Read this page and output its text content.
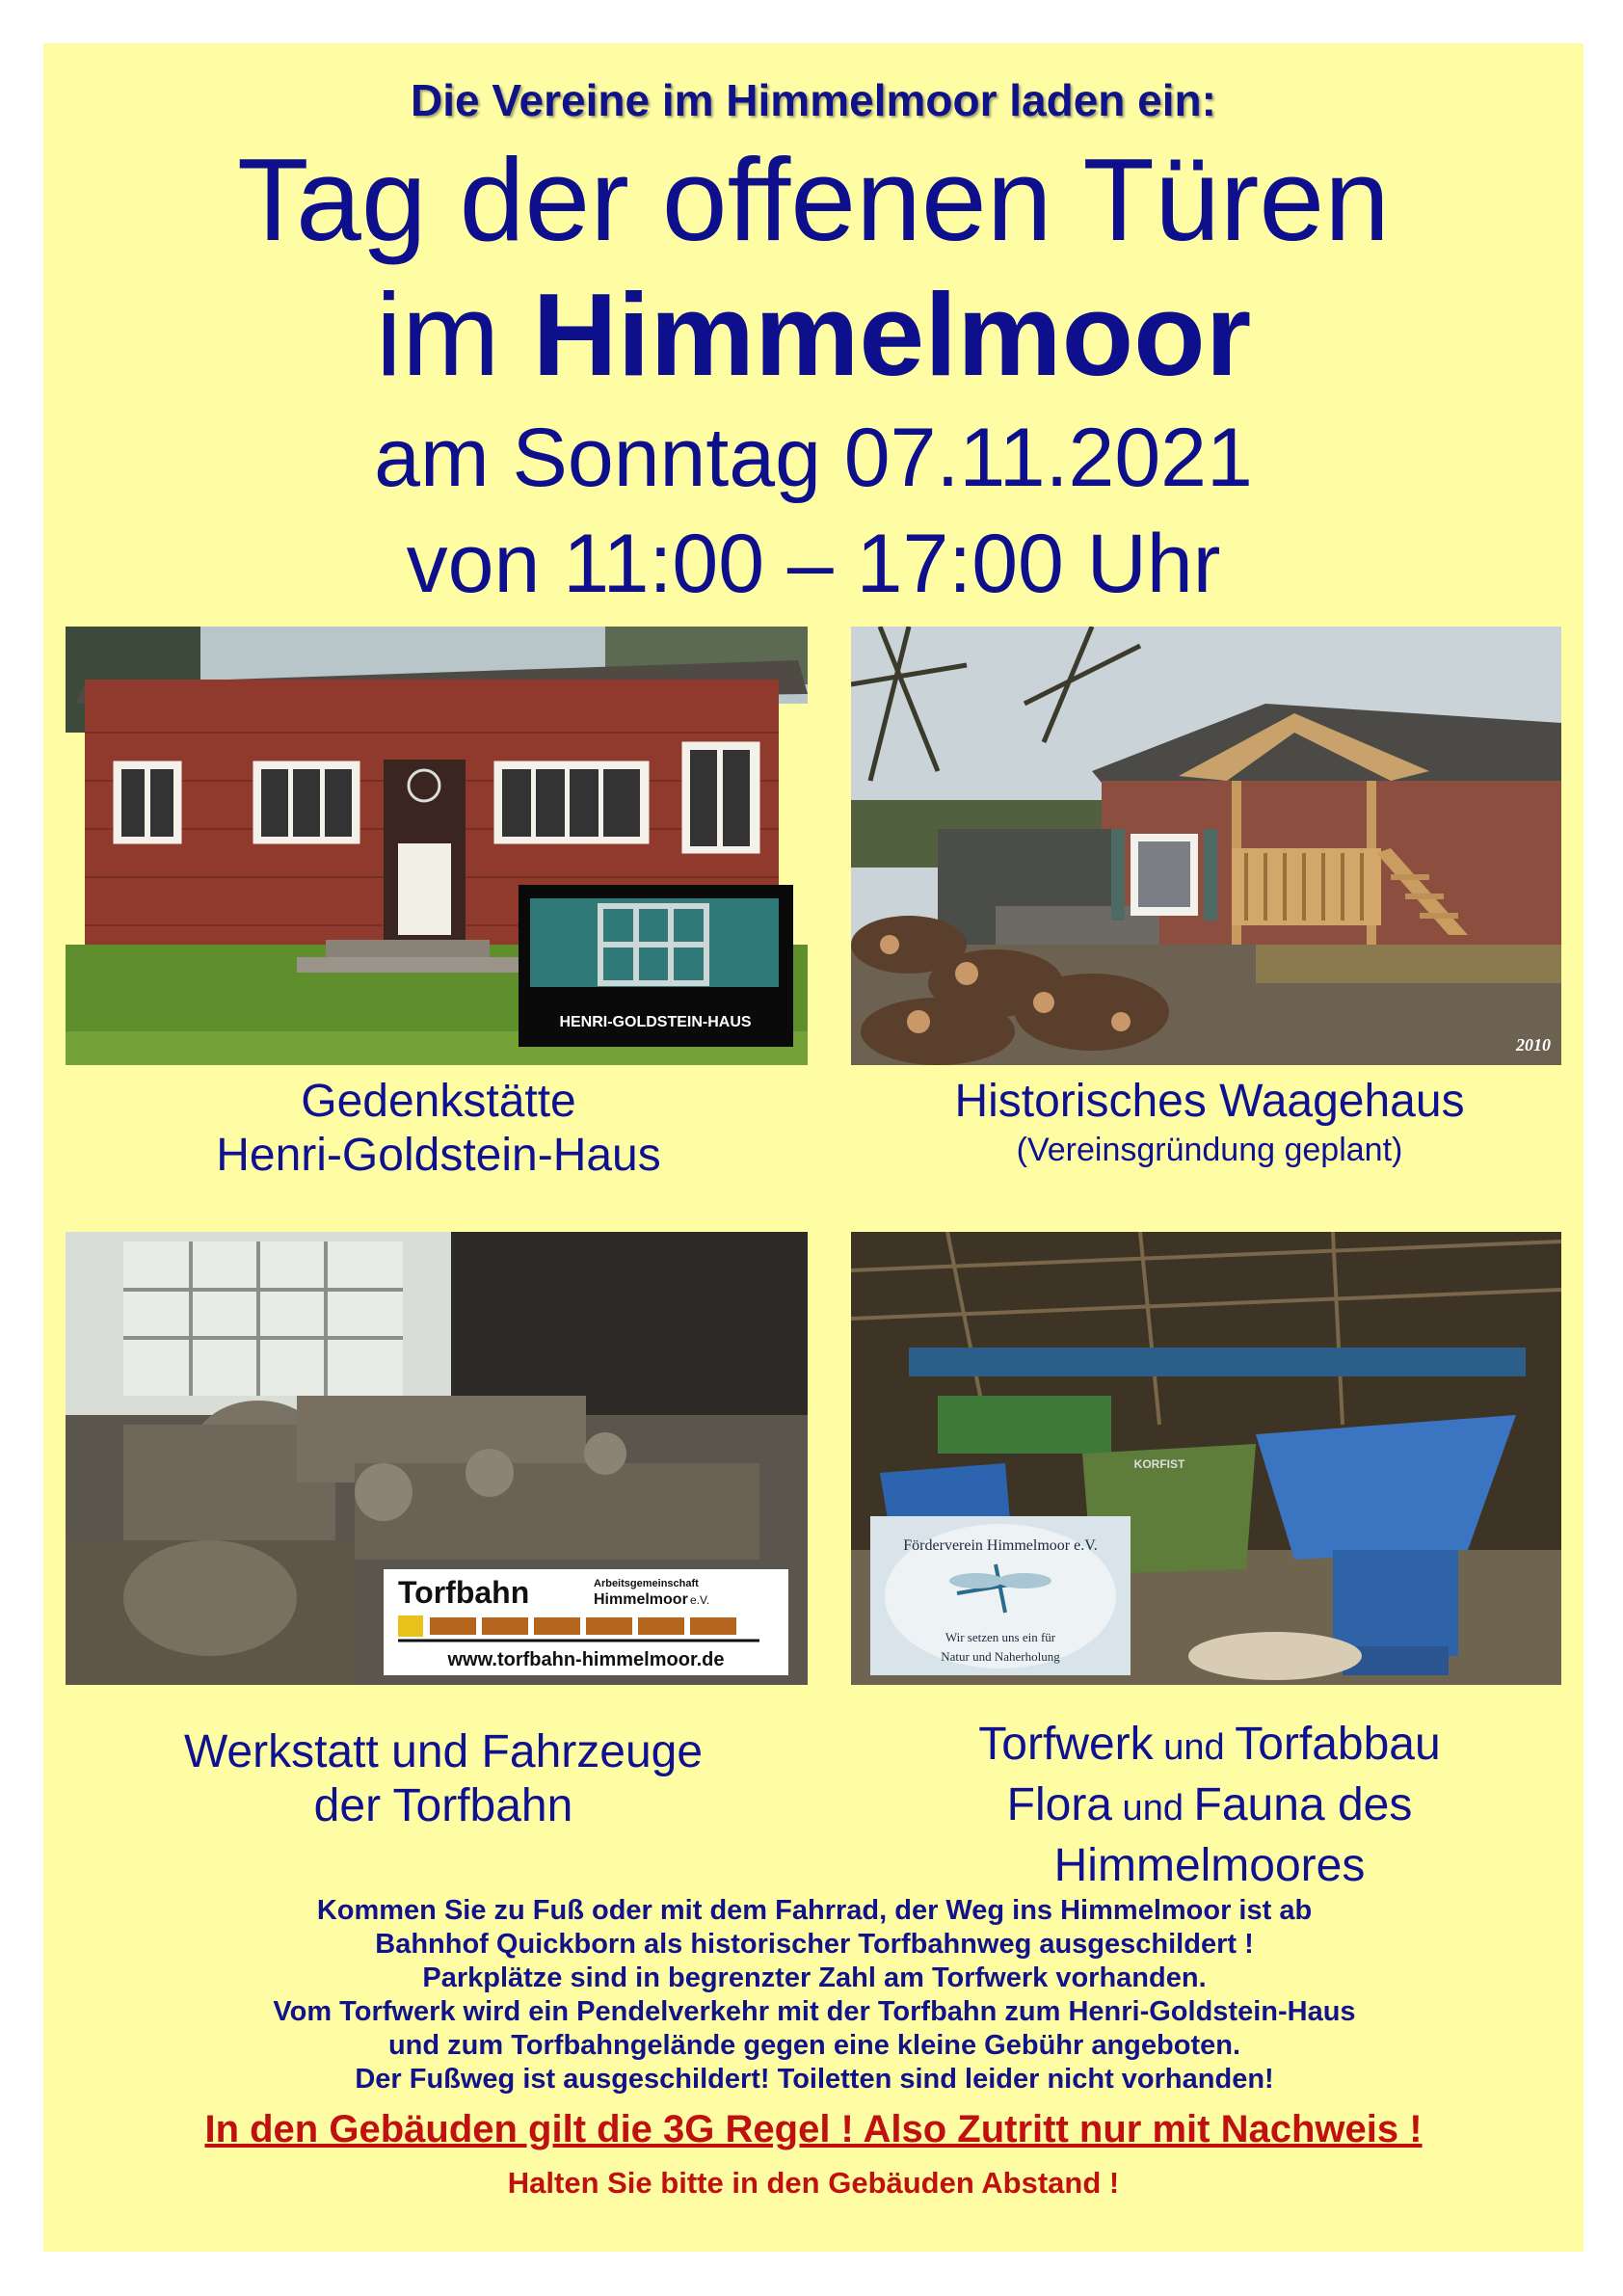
Die Vereine im Himmelmoor laden ein:
Tag der offenen Türen
im Himmelmoor
am Sonntag 07.11.2021
von 11:00 – 17:00 Uhr
HENRI-GOLDSTEIN-HAUS
2010
Gedenkstätte
Henri-Goldstein-Haus
Historisches Waagehaus
(Vereinsgründung geplant)
Torfbahn	Arbeitsgemeinschaft
Himmelmoor e.V.
www.torfbahn-himmelmoor.de
KORFIST
Förderverein Himmelmoor e.V.
Wir setzen uns ein für
Natur und Naherholung
Werkstatt und Fahrzeuge
der Torfbahn
Torfwerk und Torfabbau
Flora und Fauna des
Himmelmoores
Kommen Sie zu Fuß oder mit dem Fahrrad, der Weg ins Himmelmoor ist ab
Bahnhof Quickborn als historischer Torfbahnweg ausgeschildert !
Parkplätze sind in begrenzter Zahl am Torfwerk vorhanden.
Vom Torfwerk wird ein Pendelverkehr mit der Torfbahn zum Henri-Goldstein-Haus
und zum Torfbahngelände gegen eine kleine Gebühr angeboten.
Der Fußweg ist ausgeschildert! Toiletten sind leider nicht vorhanden!
In den Gebäuden gilt die 3G Regel ! Also Zutritt nur mit Nachweis !
Halten Sie bitte in den Gebäuden Abstand !
